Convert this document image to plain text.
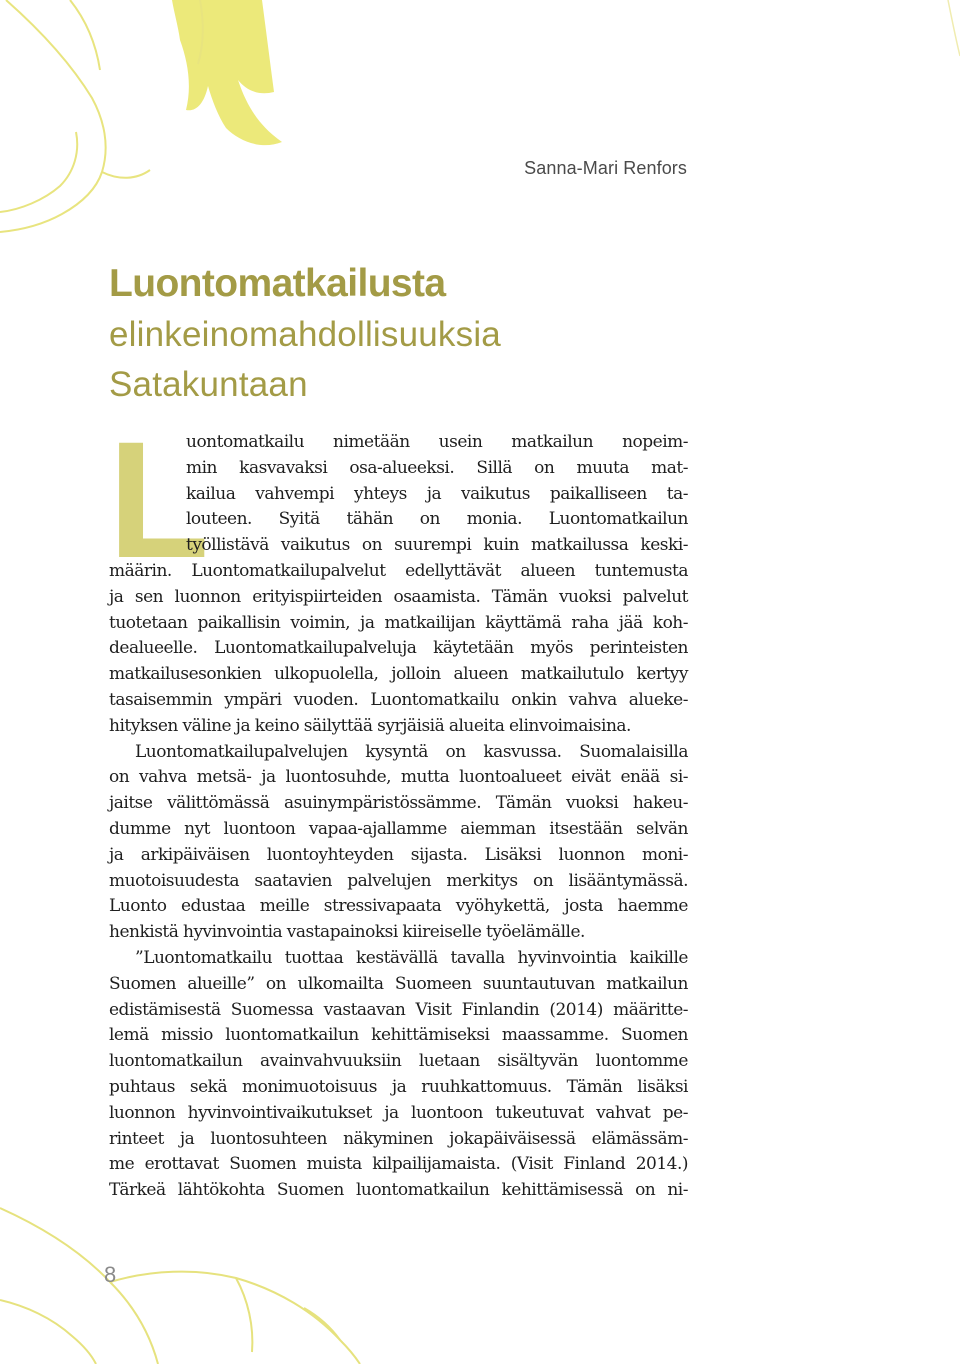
Sanna-Mari Renfors
Luontomatkailusta
elinkeinomahdollisuuksia
Satakuntaan
L
uontomatkailu nimetään usein matkailun nopeim-
min kasvavaksi osa-alueeksi. Sillä on muuta mat-
kailua vahvempi yhteys ja vaikutus paikalliseen ta-
louteen. Syitä tähän on monia. Luontomatkailun
työllistävä vaikutus on suurempi kuin matkailussa keski-
määrin. Luontomatkailupalvelut edellyttävät alueen tuntemusta
ja sen luonnon erityispiirteiden osaamista. Tämän vuoksi palvelut
tuotetaan paikallisin voimin, ja matkailijan käyttämä raha jää koh-
dealueelle. Luontomatkailupalveluja käytetään myös perinteisten
matkailusesonkien ulkopuolella, jolloin alueen matkailutulo kertyy
tasaisemmin ympäri vuoden. Luontomatkailu onkin vahva alueke-
hityksen väline ja keino säilyttää syrjäisiä alueita elinvoimaisina.
Luontomatkailupalvelujen kysyntä on kasvussa. Suomalaisilla
on vahva metsä- ja luontosuhde, mutta luontoalueet eivät enää si-
jaitse välittömässä asuinympäristössämme. Tämän vuoksi hakeu-
dumme nyt luontoon vapaa-ajallamme aiemman itsestään selvän
ja arkipäiväisen luontoyhteyden sijasta. Lisäksi luonnon moni-
muotoisuudesta saatavien palvelujen merkitys on lisääntymässä.
Luonto edustaa meille stressivapaata vyöhykettä, josta haemme
henkistä hyvinvointia vastapainoksi kiireiselle työelämälle.
”Luontomatkailu tuottaa kestävällä tavalla hyvinvointia kaikille
Suomen alueille” on ulkomailta Suomeen suuntautuvan matkailun
edistämisestä Suomessa vastaavan Visit Finlandin (2014) määritte-
lemä missio luontomatkailun kehittämiseksi maassamme. Suomen
luontomatkailun avainvahvuuksiin luetaan sisältyvän luontomme
puhtaus sekä monimuotoisuus ja ruuhkattomuus. Tämän lisäksi
luonnon hyvinvointivaikutukset ja luontoon tukeutuvat vahvat pe-
rinteet ja luontosuhteen näkyminen jokapäiväisessä elämässäm-
me erottavat Suomen muista kilpailijamaista. (Visit Finland 2014.)
Tärkeä lähtökohta Suomen luontomatkailun kehittämisessä on ni-
8
